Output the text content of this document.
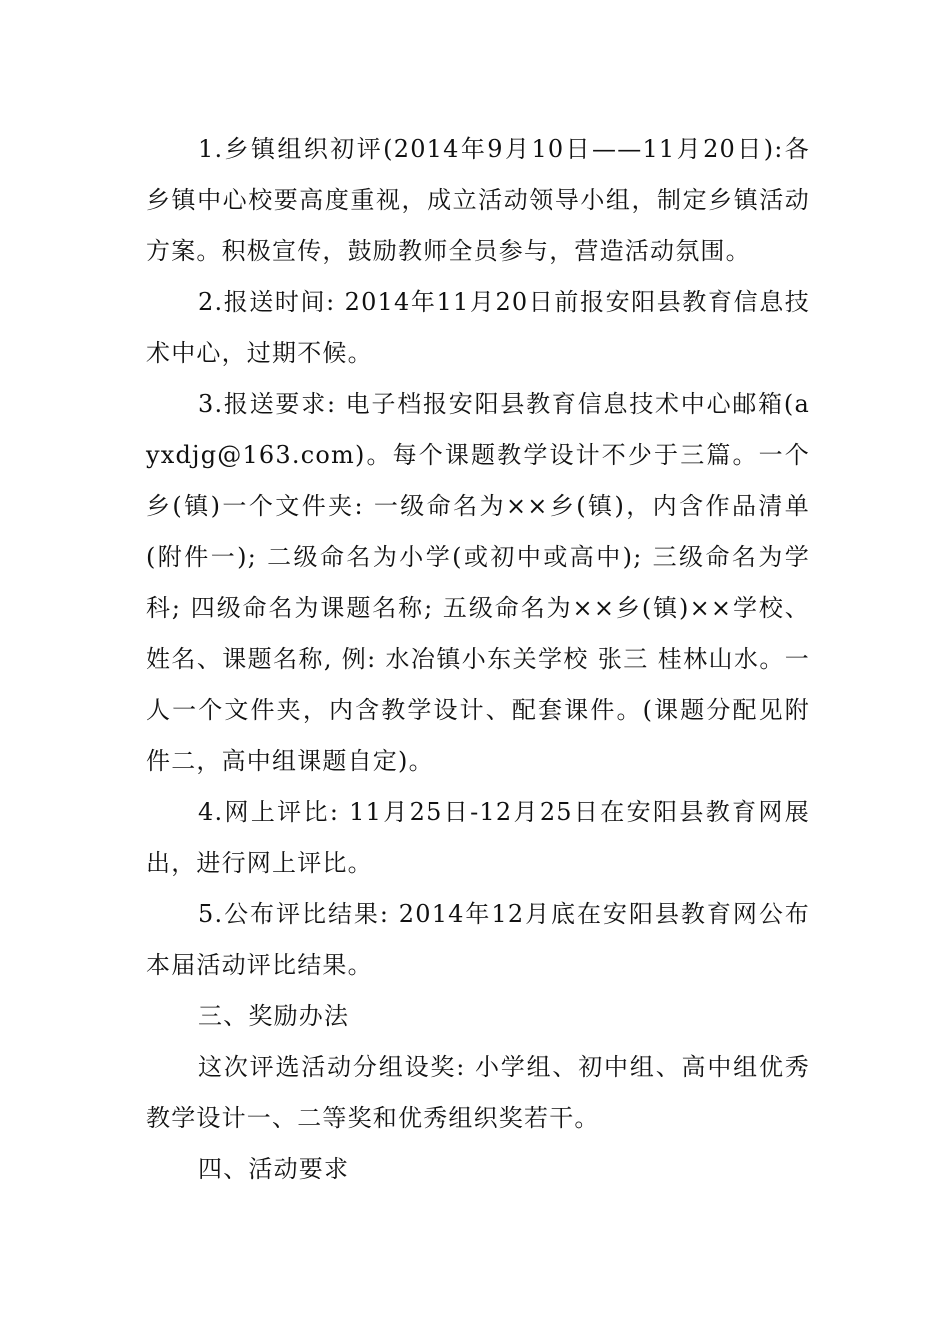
1.乡镇组织初评(2014年9月10日——11月20日):各乡镇中心校要高度重视，成立活动领导小组，制定乡镇活动方案。积极宣传，鼓励教师全员参与，营造活动氛围。

2.报送时间: 2014年11月20日前报安阳县教育信息技术中心，过期不候。

3.报送要求: 电子档报安阳县教育信息技术中心邮箱(ayxdjg@163.com)。每个课题教学设计不少于三篇。一个乡(镇)一个文件夹: 一级命名为××乡(镇)，内含作品清单(附件一); 二级命名为小学(或初中或高中); 三级命名为学科; 四级命名为课题名称; 五级命名为××乡(镇)××学校、姓名、课题名称, 例: 水冶镇小东关学校 张三 桂林山水。一人一个文件夹，内含教学设计、配套课件。(课题分配见附件二，高中组课题自定)。

4.网上评比: 11月25日-12月25日在安阳县教育网展出，进行网上评比。

5.公布评比结果: 2014年12月底在安阳县教育网公布本届活动评比结果。

三、奖励办法

这次评选活动分组设奖: 小学组、初中组、高中组优秀教学设计一、二等奖和优秀组织奖若干。

四、活动要求
